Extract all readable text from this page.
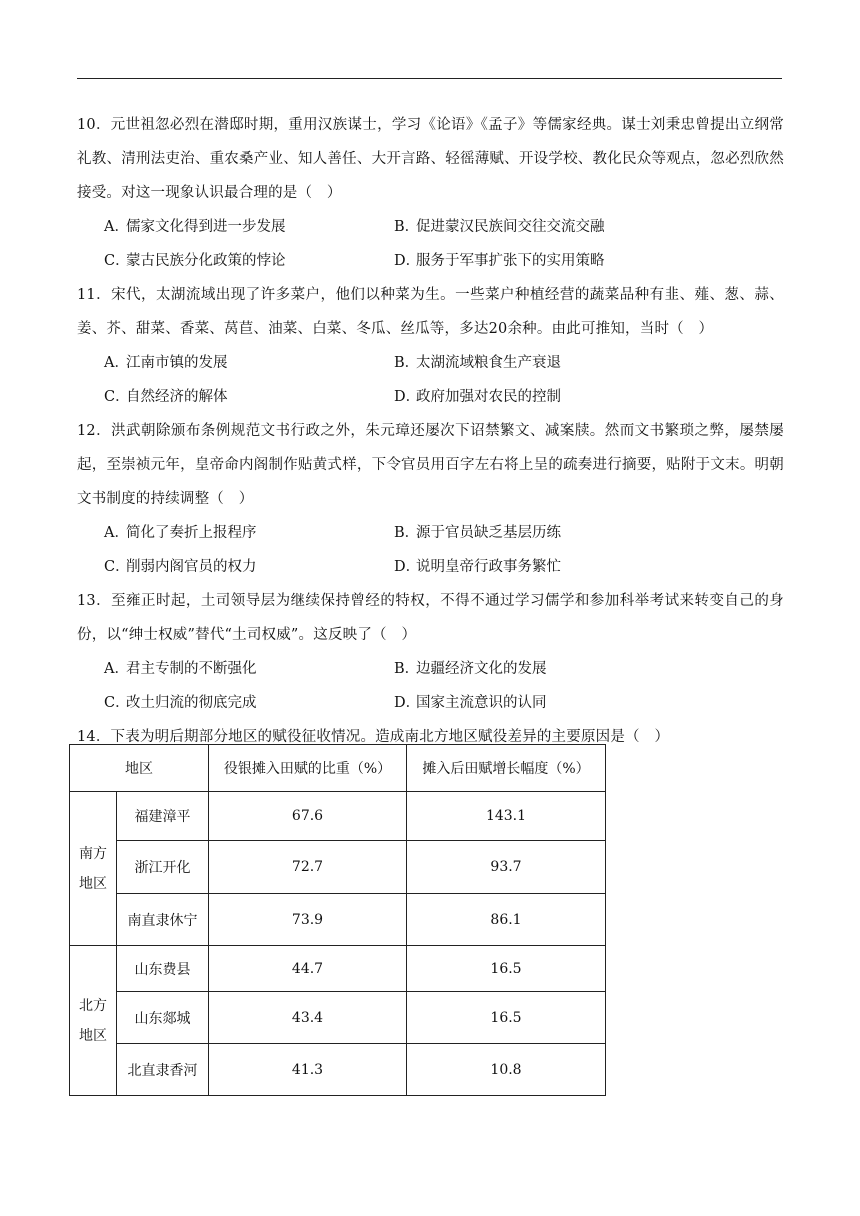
10．元世祖忽必烈在潜邸时期，重用汉族谋士，学习《论语》《孟子》等儒家经典。谋士刘秉忠曾提出立纲常礼教、清刑法吏治、重农桑产业、知人善任、大开言路、轻徭薄赋、开设学校、教化民众等观点，忽必烈欣然接受。对这一现象认识最合理的是（　）

A．儒家文化得到进一步发展	B．促进蒙汉民族间交往交流交融
C．蒙古民族分化政策的悖论	D．服务于军事扩张下的实用策略

11．宋代，太湖流域出现了许多菜户，他们以种菜为生。一些菜户种植经营的蔬菜品种有韭、薤、葱、蒜、姜、芥、甜菜、香菜、莴苣、油菜、白菜、冬瓜、丝瓜等，多达20余种。由此可推知，当时（　）

A．江南市镇的发展	B．太湖流域粮食生产衰退
C．自然经济的解体	D．政府加强对农民的控制

12．洪武朝除颁布条例规范文书行政之外，朱元璋还屡次下诏禁繁文、减案牍。然而文书繁琐之弊，屡禁屡起，至崇祯元年，皇帝命内阁制作贴黄式样，下令官员用百字左右将上呈的疏奏进行摘要，贴附于文末。明朝文书制度的持续调整（　）

A．简化了奏折上报程序	B．源于官员缺乏基层历练
C．削弱内阁官员的权力	D．说明皇帝行政事务繁忙

13．至雍正时起，土司领导层为继续保持曾经的特权，不得不通过学习儒学和参加科举考试来转变自己的身份，以“绅士权威”替代“土司权威”。这反映了（　）

A．君主专制的不断强化	B．边疆经济文化的发展
C．改土归流的彻底完成	D．国家主流意识的认同

14．下表为明后期部分地区的赋役征收情况。造成南北方地区赋役差异的主要原因是（　）

地区		役银摊入田赋的比重（%）	摊入后田赋增长幅度（%）

南方
地区	福建漳平	67.6	143.1
	浙江开化	72.7	93.7
	南直隶休宁	73.9	86.1

北方
地区	山东费县	44.7	16.5
	山东郯城	43.4	16.5
	北直隶香河	41.3	10.8
